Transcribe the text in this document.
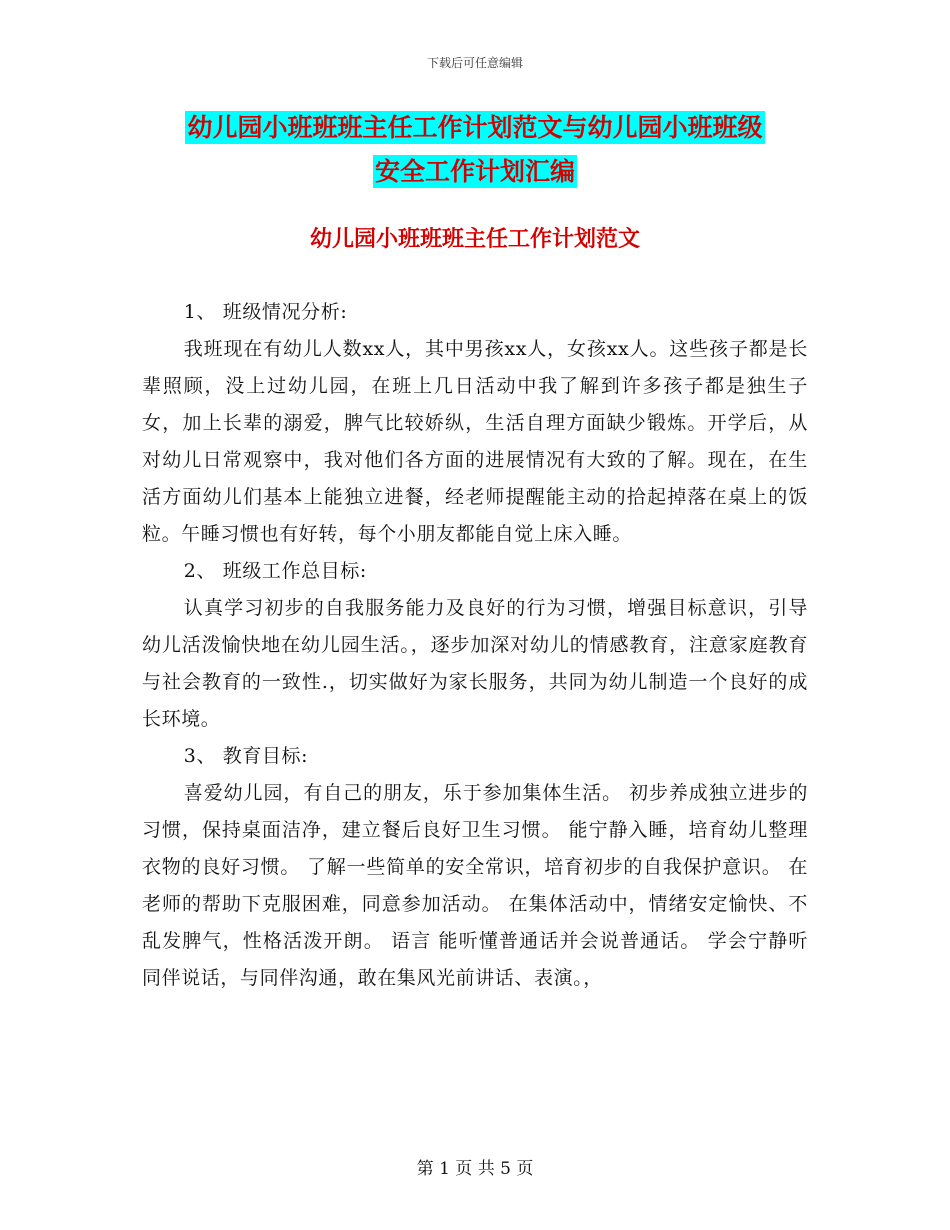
下载后可任意编辑
幼儿园小班班班主任工作计划范文与幼儿园小班班级
安全工作计划汇编
幼儿园小班班班主任工作计划范文

1、 班级情况分析:

我班现在有幼儿人数xx人，其中男孩xx人，女孩xx人。这些孩子都是长辈照顾，没上过幼儿园，在班上几日活动中我了解到许多孩子都是独生子女，加上长辈的溺爱，脾气比较娇纵，生活自理方面缺少锻炼。开学后，从对幼儿日常观察中，我对他们各方面的进展情况有大致的了解。现在，在生活方面幼儿们基本上能独立进餐，经老师提醒能主动的拾起掉落在桌上的饭粒。午睡习惯也有好转，每个小朋友都能自觉上床入睡。

2、 班级工作总目标:

认真学习初步的自我服务能力及良好的行为习惯，增强目标意识，引导幼儿活泼愉快地在幼儿园生活。，逐步加深对幼儿的情感教育，注意家庭教育与社会教育的一致性.，切实做好为家长服务，共同为幼儿制造一个良好的成长环境。

3、 教育目标:

喜爱幼儿园，有自己的朋友，乐于参加集体生活。 初步养成独立进步的习惯，保持桌面洁净，建立餐后良好卫生习惯。 能宁静入睡，培育幼儿整理衣物的良好习惯。 了解一些简单的安全常识，培育初步的自我保护意识。 在老师的帮助下克服困难，同意参加活动。 在集体活动中，情绪安定愉快、不乱发脾气，性格活泼开朗。 语言 能听懂普通话并会说普通话。 学会宁静听同伴说话，与同伴沟通，敢在集风光前讲话、表演。，

第 1 页 共 5 页
